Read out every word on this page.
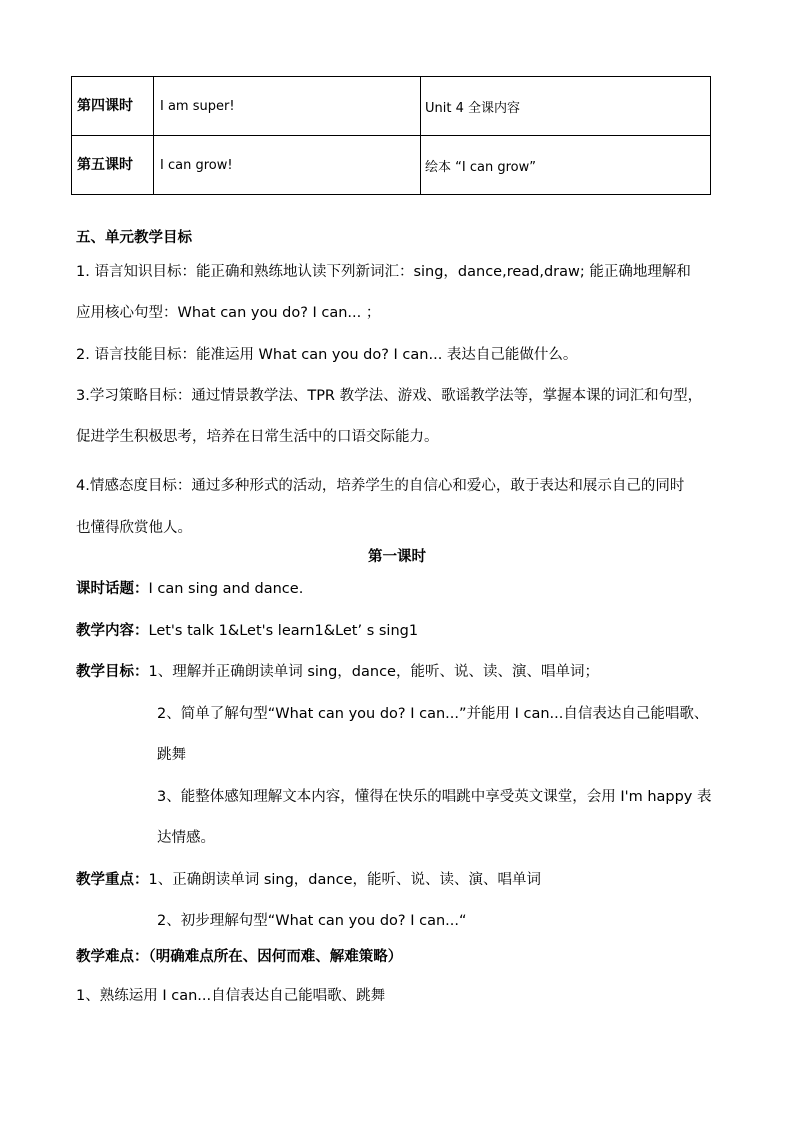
第四课时	I am super!	Unit 4 全课内容

第五课时	I can grow!	绘本 “I can grow”
五、单元教学目标
1. 语言知识目标：能正确和熟练地认读下列新词汇：sing，dance,read,draw; 能正确地理解和
应用核心句型：What can you do? I can... ；
2. 语言技能目标：能准运用 What can you do? I can... 表达自己能做什么。
3.学习策略目标：通过情景教学法、TPR 教学法、游戏、歌谣教学法等，掌握本课的词汇和句型，
促进学生积极思考，培养在日常生活中的口语交际能力。
4.情感态度目标：通过多种形式的活动，培养学生的自信心和爱心，敢于表达和展示自己的同时
也懂得欣赏他人。
第一课时
课时话题：I can sing and dance.
教学内容：Let's talk 1&Let's learn1&Let’ s sing1
教学目标：1、理解并正确朗读单词 sing，dance，能听、说、读、演、唱单词；
2、简单了解句型“What can you do? I can...”并能用 I can...自信表达自己能唱歌、
跳舞
3、能整体感知理解文本内容，懂得在快乐的唱跳中享受英文课堂，会用 I'm happy 表
达情感。
教学重点：1、正确朗读单词 sing，dance，能听、说、读、演、唱单词
2、初步理解句型“What can you do? I can...“
教学难点：（明确难点所在、因何而难、解难策略）
1、熟练运用 I can...自信表达自己能唱歌、跳舞
